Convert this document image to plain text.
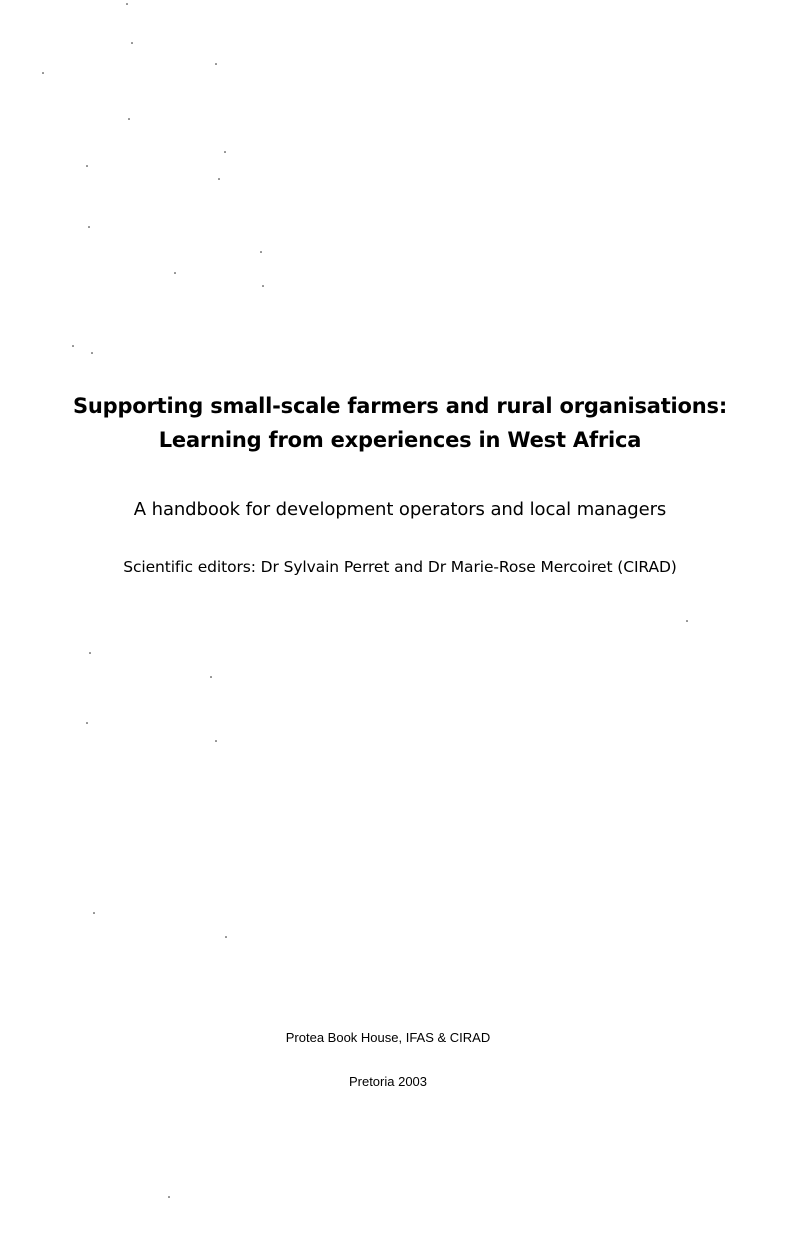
Supporting small-scale farmers and rural organisations:
Learning from experiences in West Africa
A handbook for development operators and local managers
Scientific editors: Dr Sylvain Perret and Dr Marie-Rose Mercoiret (CIRAD)
Protea Book House, IFAS & CIRAD
Pretoria 2003
